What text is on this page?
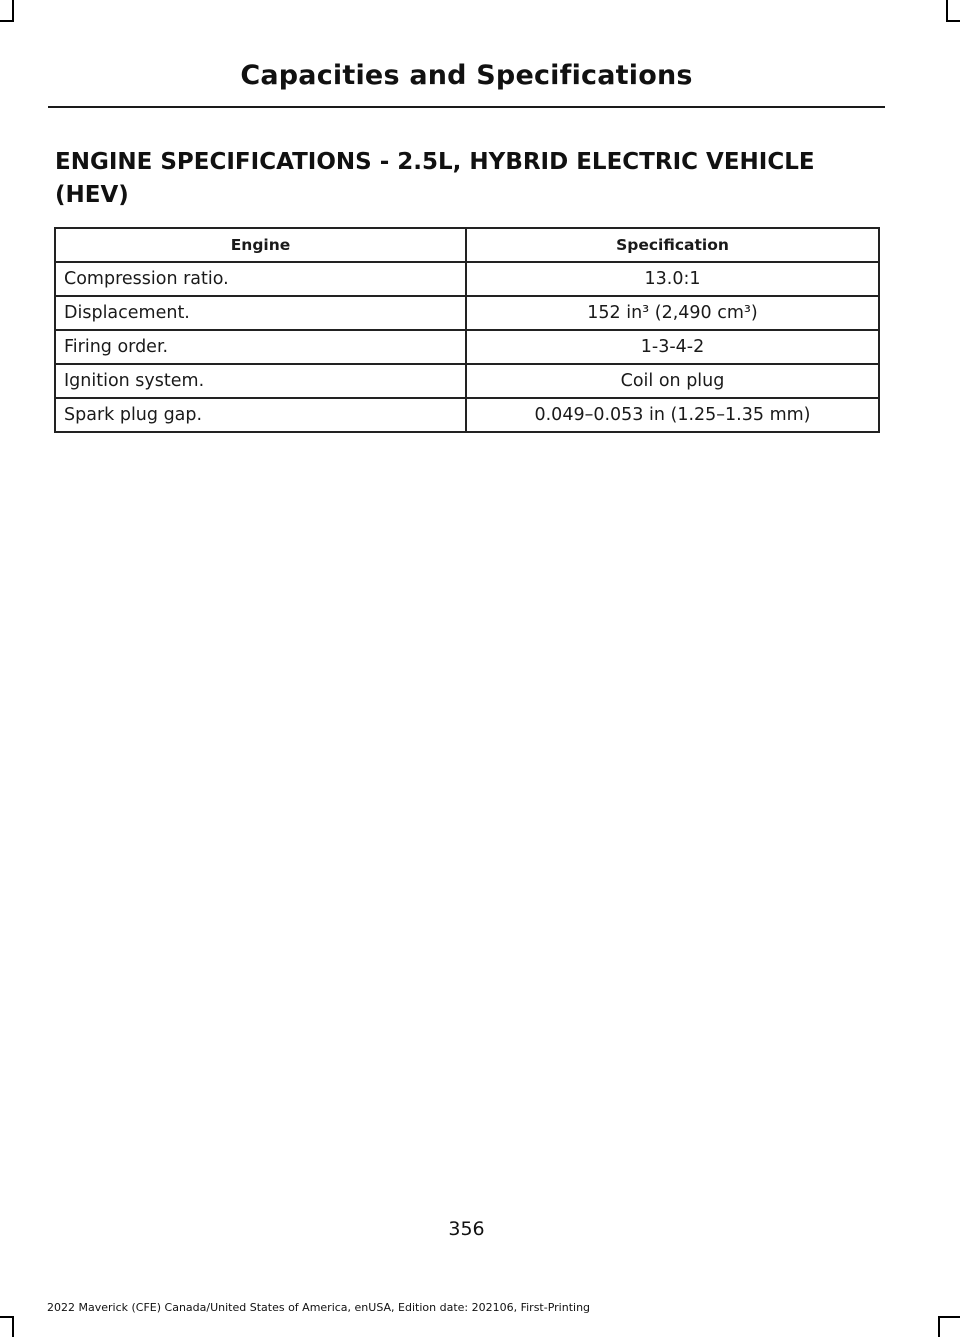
Capacities and Specifications
ENGINE SPECIFICATIONS - 2.5L, HYBRID ELECTRIC VEHICLE (HEV)
Engine	Specification
Compression ratio.	13.0:1
Displacement.	152 in³ (2,490 cm³)
Firing order.	1-3-4-2
Ignition system.	Coil on plug
Spark plug gap.	0.049–0.053 in (1.25–1.35 mm)
356
2022 Maverick (CFE) Canada/United States of America, enUSA, Edition date: 202106, First-Printing
